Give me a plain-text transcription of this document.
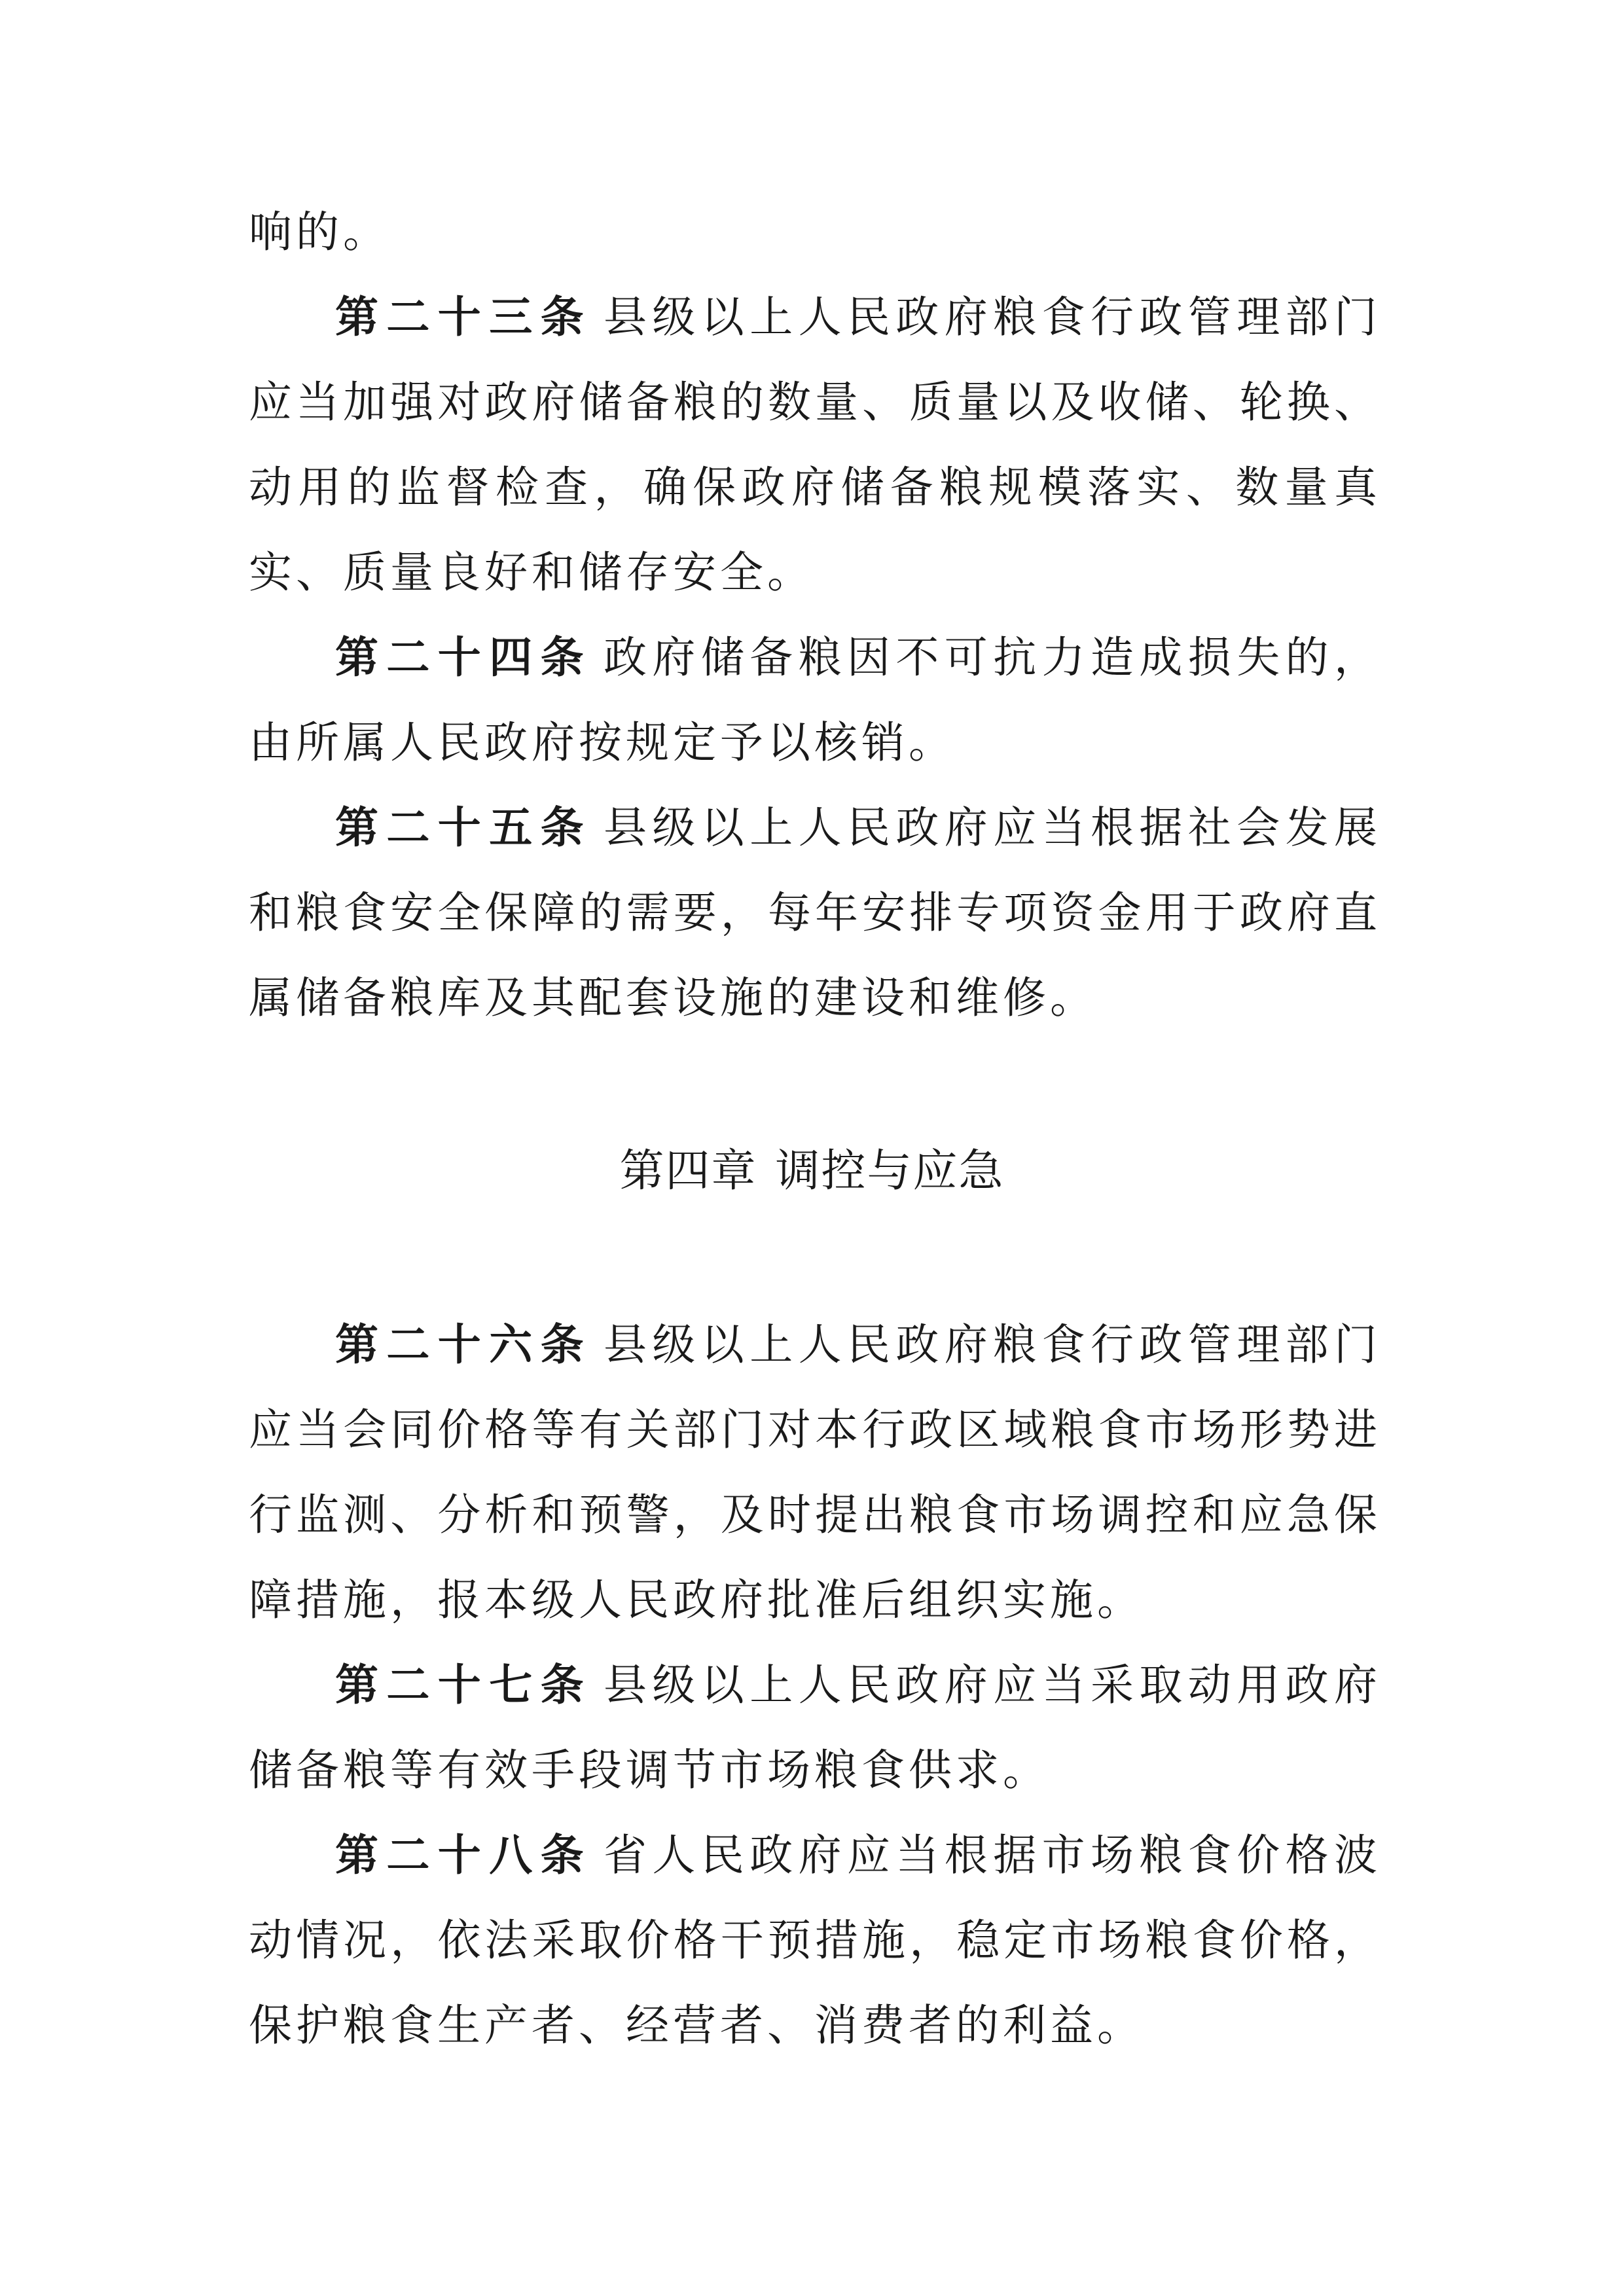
响的。

第二十三条 县级以上人民政府粮食行政管理部门应当加强对政府储备粮的数量、质量以及收储、轮换、动用的监督检查，确保政府储备粮规模落实、数量真实、质量良好和储存安全。

第二十四条 政府储备粮因不可抗力造成损失的，由所属人民政府按规定予以核销。

第二十五条 县级以上人民政府应当根据社会发展和粮食安全保障的需要，每年安排专项资金用于政府直属储备粮库及其配套设施的建设和维修。

第四章 调控与应急

第二十六条 县级以上人民政府粮食行政管理部门应当会同价格等有关部门对本行政区域粮食市场形势进行监测、分析和预警，及时提出粮食市场调控和应急保障措施，报本级人民政府批准后组织实施。

第二十七条 县级以上人民政府应当采取动用政府储备粮等有效手段调节市场粮食供求。

第二十八条 省人民政府应当根据市场粮食价格波动情况，依法采取价格干预措施，稳定市场粮食价格，保护粮食生产者、经营者、消费者的利益。
